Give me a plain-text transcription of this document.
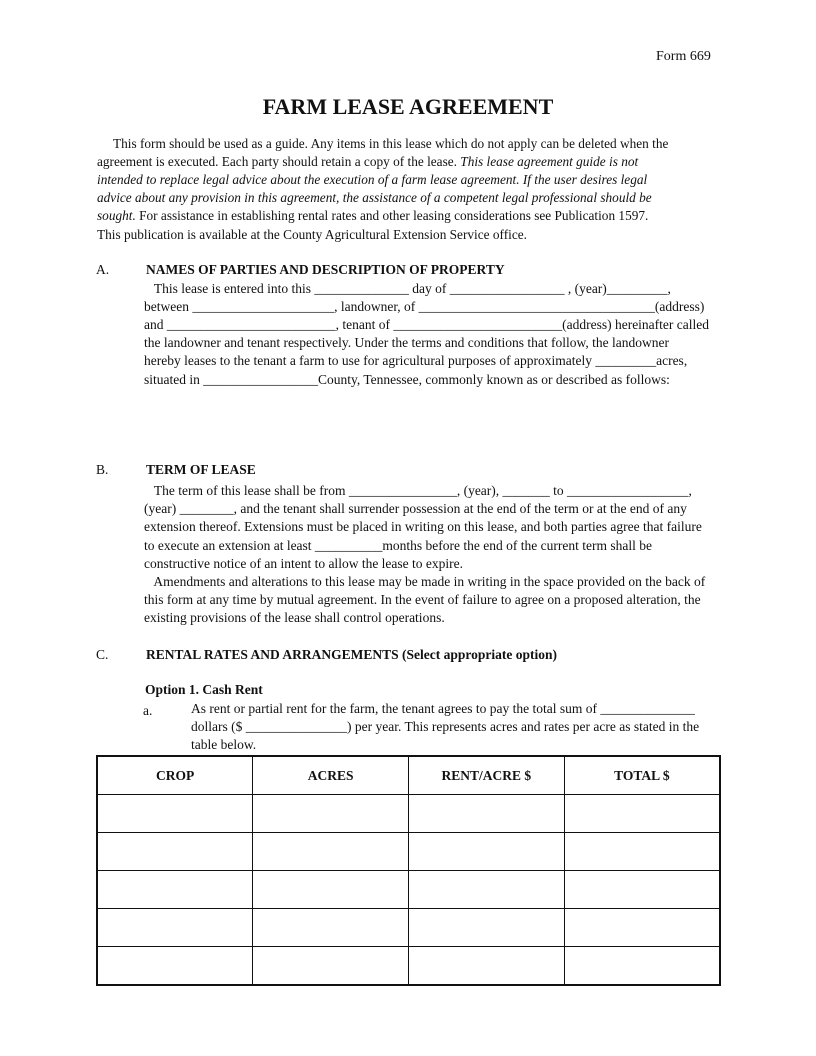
Form 669
FARM LEASE AGREEMENT
This form should be used as a guide. Any items in this lease which do not apply can be deleted when the
agreement is executed. Each party should retain a copy of the lease. This lease agreement guide is not
intended to replace legal advice about the execution of a farm lease agreement. If the user desires legal
advice about any provision in this agreement, the assistance of a competent legal professional should be
sought. For assistance in establishing rental rates and other leasing considerations see Publication 1597.
This publication is available at the County Agricultural Extension Service office.
A.	NAMES OF PARTIES AND DESCRIPTION OF PROPERTY
This lease is entered into this ______________ day of _________________ , (year)_________,
between _____________________, landowner, of ___________________________________(address)
and _________________________, tenant of _________________________(address) hereinafter called
the landowner and tenant respectively. Under the terms and conditions that follow, the landowner
hereby leases to the tenant a farm to use for agricultural purposes of approximately _________acres,
situated in _________________County, Tennessee, commonly known as or described as follows:
B.	TERM OF LEASE
The term of this lease shall be from ________________, (year), _______ to __________________,
(year) ________, and the tenant shall surrender possession at the end of the term or at the end of any
extension thereof. Extensions must be placed in writing on this lease, and both parties agree that failure
to execute an extension at least __________months before the end of the current term shall be
constructive notice of an intent to allow the lease to expire.
Amendments and alterations to this lease may be made in writing in the space provided on the back of
this form at any time by mutual agreement. In the event of failure to agree on a proposed alteration, the
existing provisions of the lease shall control operations.
C.	RENTAL RATES AND ARRANGEMENTS (Select appropriate option)
Option 1. Cash Rent
a.	As rent or partial rent for the farm, the tenant agrees to pay the total sum of ______________
dollars ($ _______________) per year. This represents acres and rates per acre as stated in the
table below.
CROP	ACRES	RENT/ACRE $	TOTAL $
